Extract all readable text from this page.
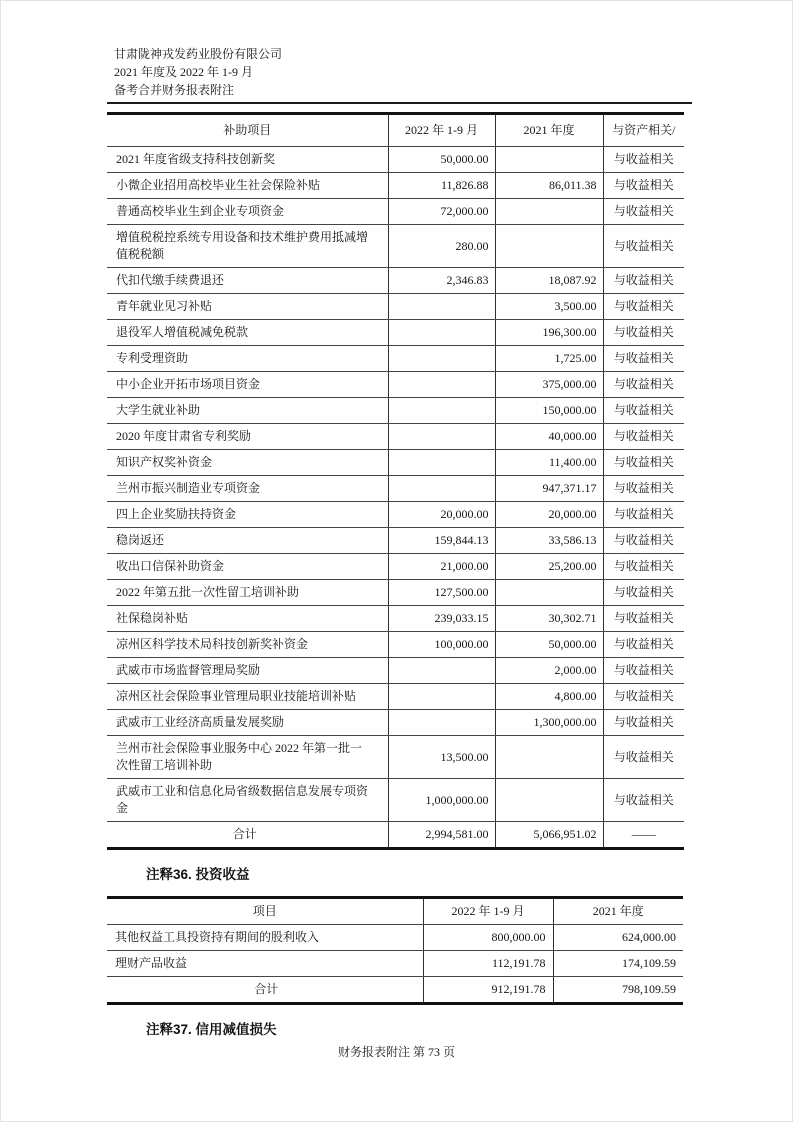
甘肃陇神戎发药业股份有限公司
2021 年度及 2022 年 1-9 月
备考合并财务报表附注
补助项目	2022 年 1-9 月	2021 年度	与资产相关/
2021 年度省级支持科技创新奖	50,000.00		与收益相关
小微企业招用高校毕业生社会保险补贴	11,826.88	86,011.38	与收益相关
普通高校毕业生到企业专项资金	72,000.00		与收益相关
增值税税控系统专用设备和技术维护费用抵减增值税税额	280.00		与收益相关
代扣代缴手续费退还	2,346.83	18,087.92	与收益相关
青年就业见习补贴		3,500.00	与收益相关
退役军人增值税减免税款		196,300.00	与收益相关
专利受理资助		1,725.00	与收益相关
中小企业开拓市场项目资金		375,000.00	与收益相关
大学生就业补助		150,000.00	与收益相关
2020 年度甘肃省专利奖励		40,000.00	与收益相关
知识产权奖补资金		11,400.00	与收益相关
兰州市振兴制造业专项资金		947,371.17	与收益相关
四上企业奖励扶持资金	20,000.00	20,000.00	与收益相关
稳岗返还	159,844.13	33,586.13	与收益相关
收出口信保补助资金	21,000.00	25,200.00	与收益相关
2022 年第五批一次性留工培训补助	127,500.00		与收益相关
社保稳岗补贴	239,033.15	30,302.71	与收益相关
凉州区科学技术局科技创新奖补资金	100,000.00	50,000.00	与收益相关
武威市市场监督管理局奖励		2,000.00	与收益相关
凉州区社会保险事业管理局职业技能培训补贴		4,800.00	与收益相关
武威市工业经济高质量发展奖励		1,300,000.00	与收益相关
兰州市社会保险事业服务中心 2022 年第一批一次性留工培训补助	13,500.00		与收益相关
武威市工业和信息化局省级数据信息发展专项资金	1,000,000.00		与收益相关
合计	2,994,581.00	5,066,951.02	——
注释36. 投资收益
项目	2022 年 1-9 月	2021 年度
其他权益工具投资持有期间的股利收入	800,000.00	624,000.00
理财产品收益	112,191.78	174,109.59
合计	912,191.78	798,109.59
注释37. 信用减值损失
财务报表附注 第 73 页
